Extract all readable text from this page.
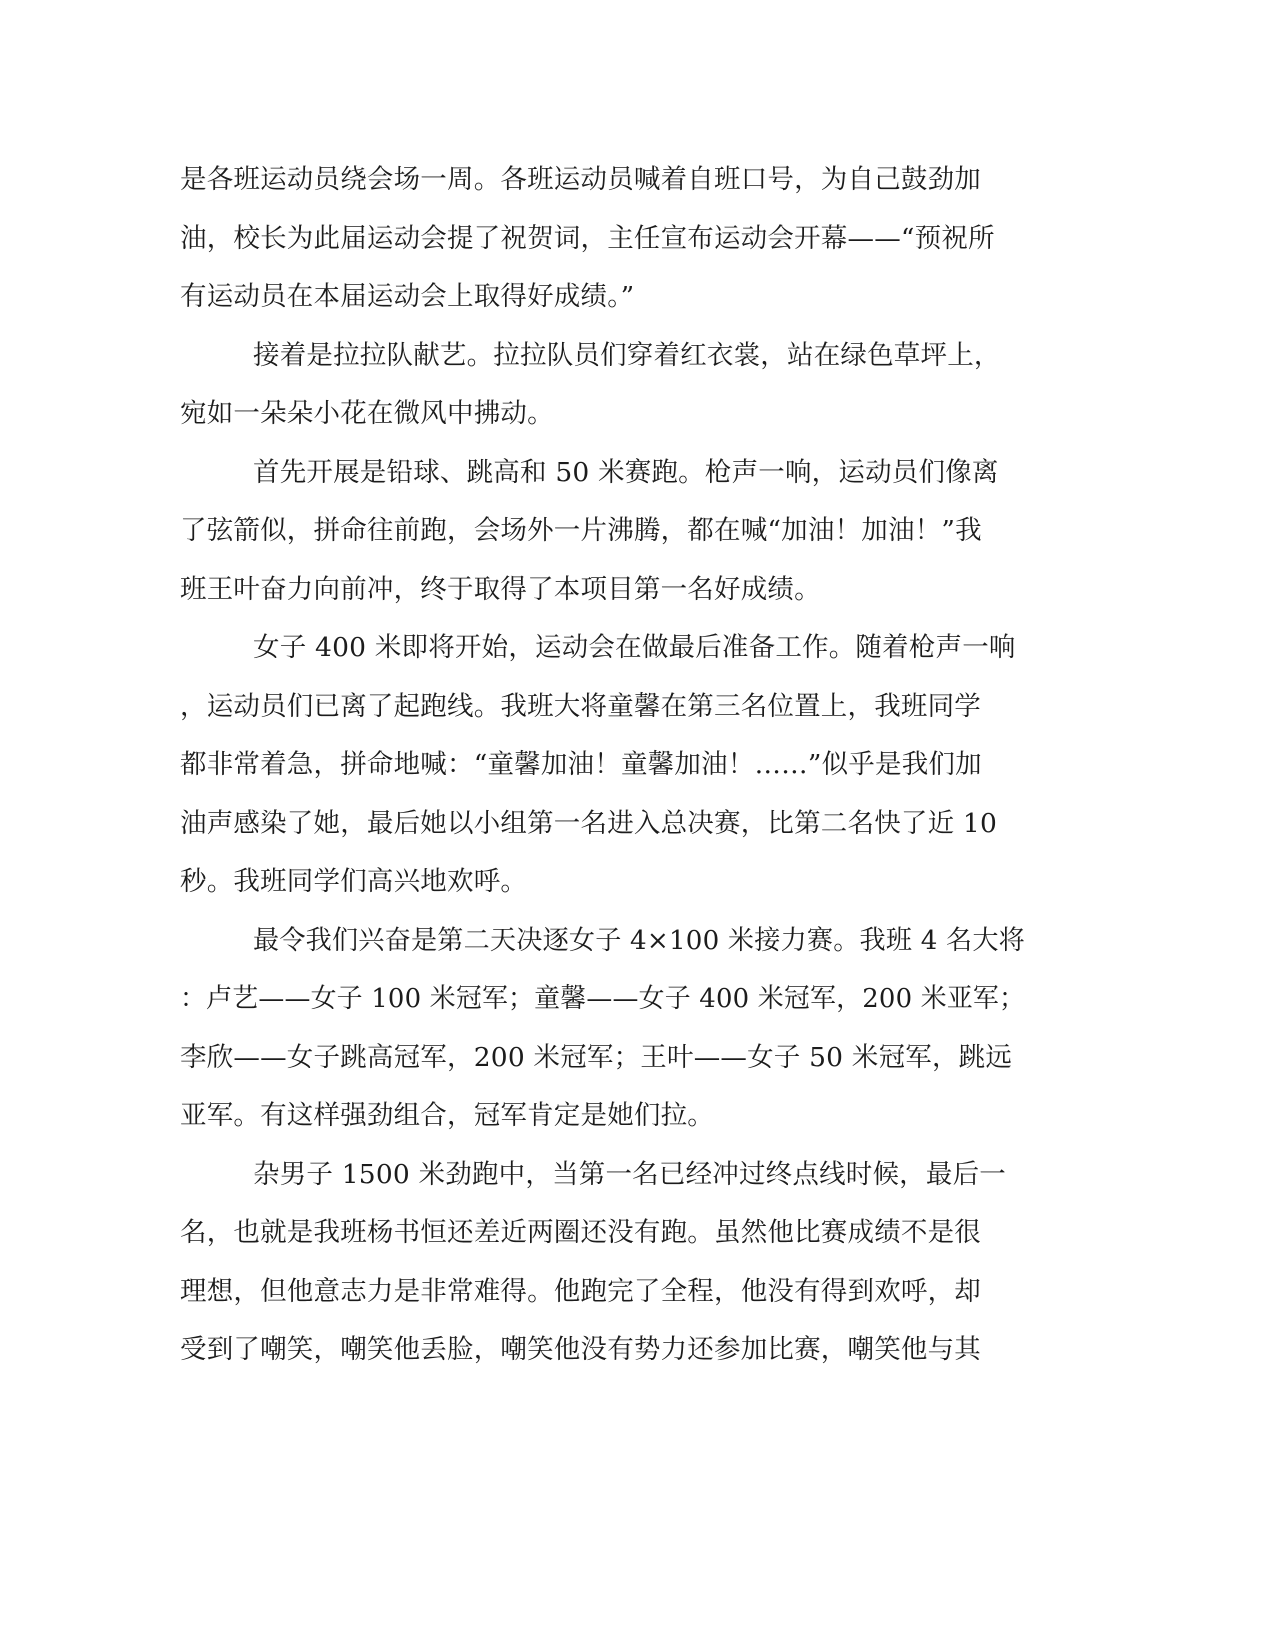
是各班运动员绕会场一周。各班运动员喊着自班口号，为自己鼓劲加
油，校长为此届运动会提了祝贺词，主任宣布运动会开幕——“预祝所
有运动员在本届运动会上取得好成绩。”
接着是拉拉队献艺。拉拉队员们穿着红衣裳，站在绿色草坪上，
宛如一朵朵小花在微风中拂动。
首先开展是铅球、跳高和 50 米赛跑。枪声一响，运动员们像离
了弦箭似，拼命往前跑，会场外一片沸腾，都在喊“加油！加油！”我
班王叶奋力向前冲，终于取得了本项目第一名好成绩。
女子 400 米即将开始，运动会在做最后准备工作。随着枪声一响
，运动员们已离了起跑线。我班大将童馨在第三名位置上，我班同学
都非常着急，拼命地喊：“童馨加油！童馨加油！……”似乎是我们加
油声感染了她，最后她以小组第一名进入总决赛，比第二名快了近 10
秒。我班同学们高兴地欢呼。
最令我们兴奋是第二天决逐女子 4×100 米接力赛。我班 4 名大将
：卢艺——女子 100 米冠军；童馨——女子 400 米冠军，200 米亚军；
李欣——女子跳高冠军，200 米冠军；王叶——女子 50 米冠军，跳远
亚军。有这样强劲组合，冠军肯定是她们拉。
杂男子 1500 米劲跑中，当第一名已经冲过终点线时候，最后一
名，也就是我班杨书恒还差近两圈还没有跑。虽然他比赛成绩不是很
理想，但他意志力是非常难得。他跑完了全程，他没有得到欢呼，却
受到了嘲笑，嘲笑他丢脸，嘲笑他没有势力还参加比赛，嘲笑他与其
